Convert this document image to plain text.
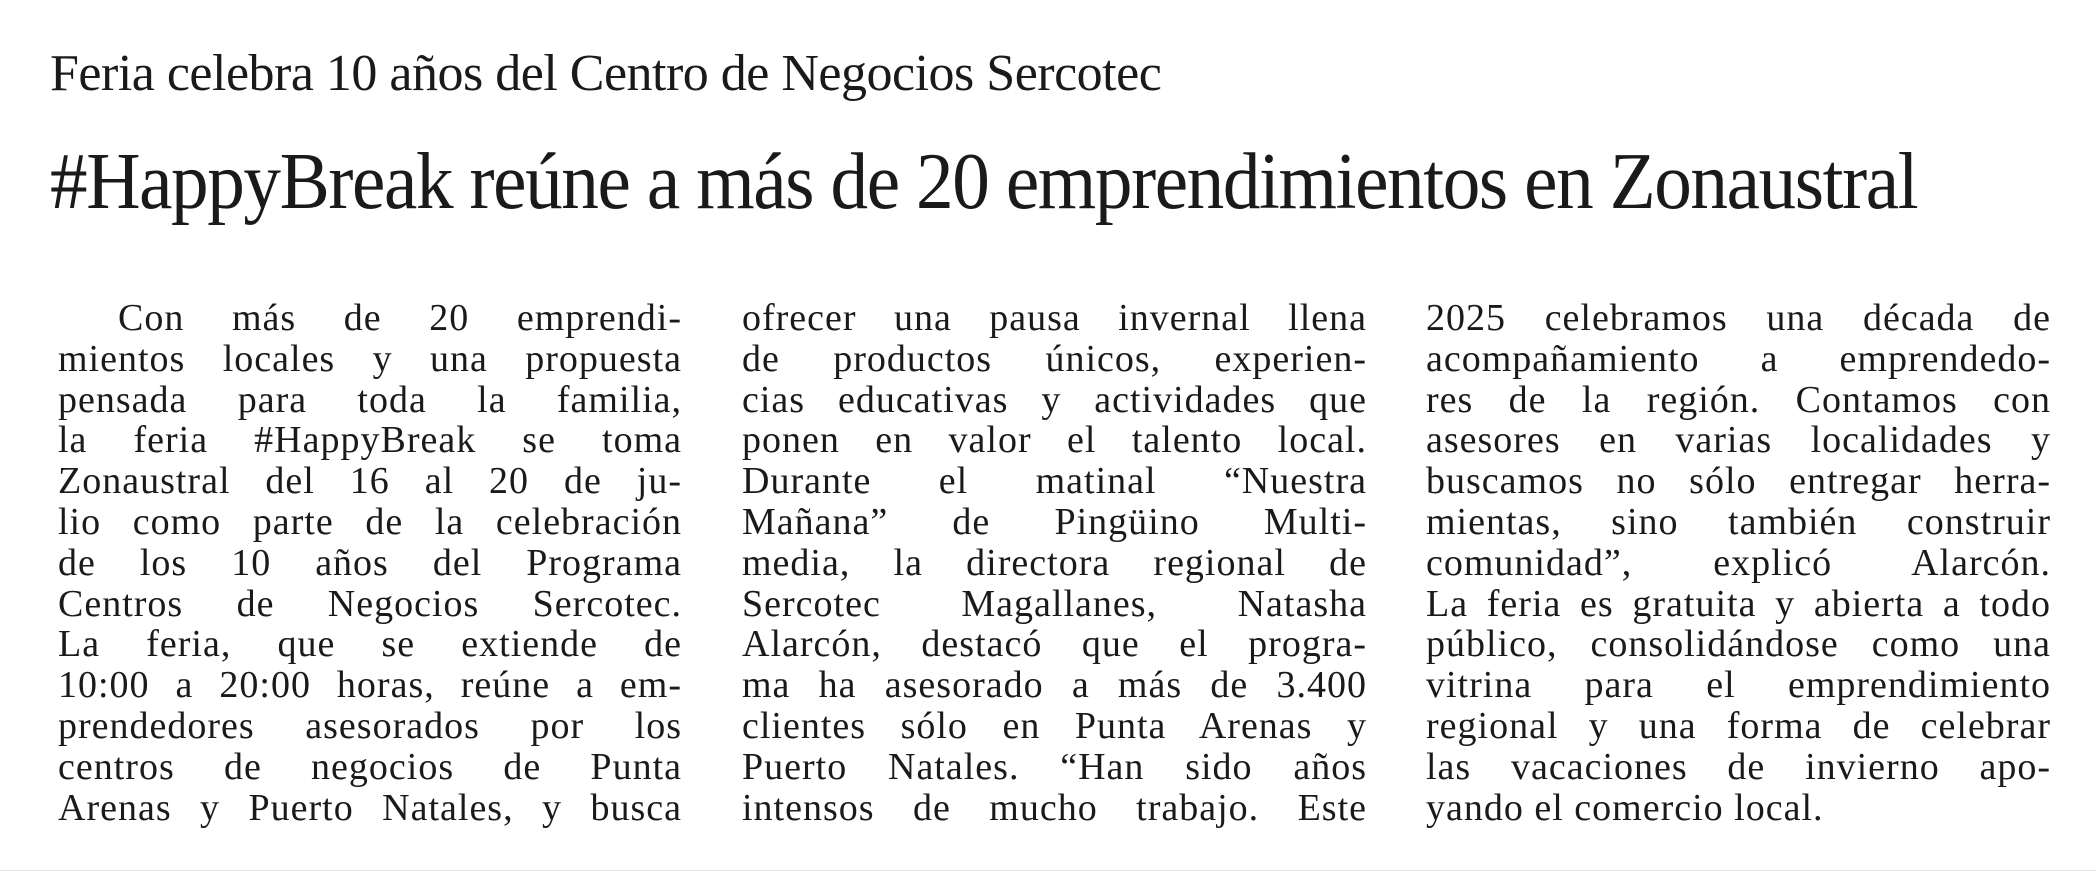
Feria celebra 10 años del Centro de Negocios Sercotec
#HappyBreak reúne a más de 20 emprendimientos en Zonaustral
Con más de 20 emprendi-
mientos locales y una propuesta
pensada para toda la familia,
la feria #HappyBreak se toma
Zonaustral del 16 al 20 de ju-
lio como parte de la celebración
de los 10 años del Programa
Centros de Negocios Sercotec.
La feria, que se extiende de
10:00 a 20:00 horas, reúne a em-
prendedores asesorados por los
centros de negocios de Punta
Arenas y Puerto Natales, y busca
ofrecer una pausa invernal llena
de productos únicos, experien-
cias educativas y actividades que
ponen en valor el talento local.
Durante el matinal “Nuestra
Mañana” de Pingüino Multi-
media, la directora regional de
Sercotec Magallanes, Natasha
Alarcón, destacó que el progra-
ma ha asesorado a más de 3.400
clientes sólo en Punta Arenas y
Puerto Natales. “Han sido años
intensos de mucho trabajo. Este
2025 celebramos una década de
acompañamiento a emprendedo-
res de la región. Contamos con
asesores en varias localidades y
buscamos no sólo entregar herra-
mientas, sino también construir
comunidad”, explicó Alarcón.
La feria es gratuita y abierta a todo
público, consolidándose como una
vitrina para el emprendimiento
regional y una forma de celebrar
las vacaciones de invierno apo-
yando el comercio local.
